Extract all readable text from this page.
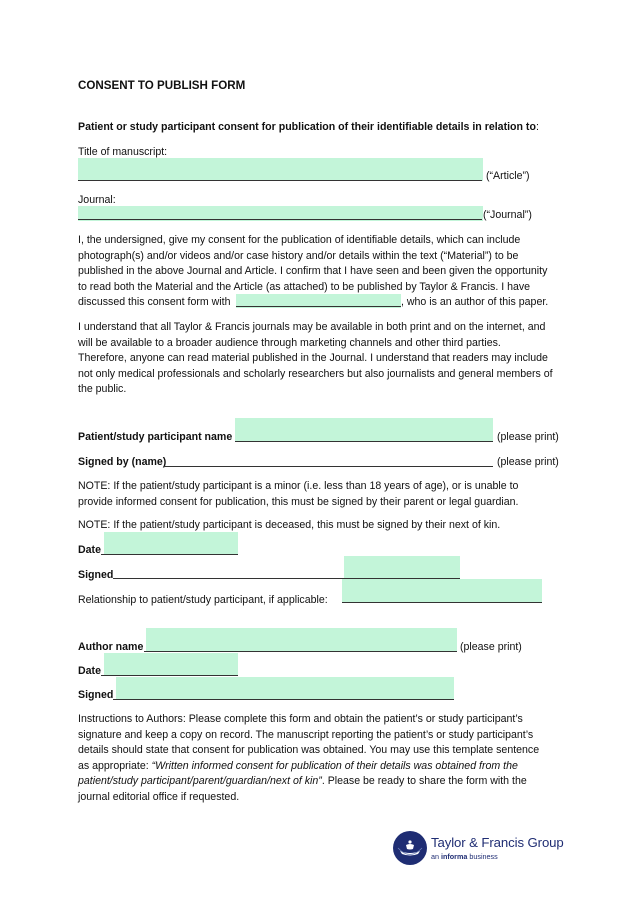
CONSENT TO PUBLISH FORM
Patient or study participant consent for publication of their identifiable details in relation to:
Title of manuscript:
(“Article”)
Journal:
(“Journal”)
I, the undersigned, give my consent for the publication of identifiable details, which can include
photograph(s) and/or videos and/or case history and/or details within the text (“Material”) to be
published in the above Journal and Article. I confirm that I have seen and been given the opportunity
to read both the Material and the Article (as attached) to be published by Taylor & Francis. I have
discussed this consent form with	, who is an author of this paper.
I understand that all Taylor & Francis journals may be available in both print and on the internet, and
will be available to a broader audience through marketing channels and other third parties.
Therefore, anyone can read material published in the Journal. I understand that readers may include
not only medical professionals and scholarly researchers but also journalists and general members of
the public.
Patient/study participant name	(please print)
Signed by (name)	(please print)
NOTE: If the patient/study participant is a minor (i.e. less than 18 years of age), or is unable to
provide informed consent for publication, this must be signed by their parent or legal guardian.
NOTE: If the patient/study participant is deceased, this must be signed by their next of kin.
Date
Signed
Relationship to patient/study participant, if applicable:
Author name	(please print)
Date
Signed
Instructions to Authors: Please complete this form and obtain the patient’s or study participant’s
signature and keep a copy on record. The manuscript reporting the patient’s or study participant’s
details should state that consent for publication was obtained. You may use this template sentence
as appropriate: “Written informed consent for publication of their details was obtained from the
patient/study participant/parent/guardian/next of kin”. Please be ready to share the form with the
journal editorial office if requested.
Taylor & Francis Group
an informa business
